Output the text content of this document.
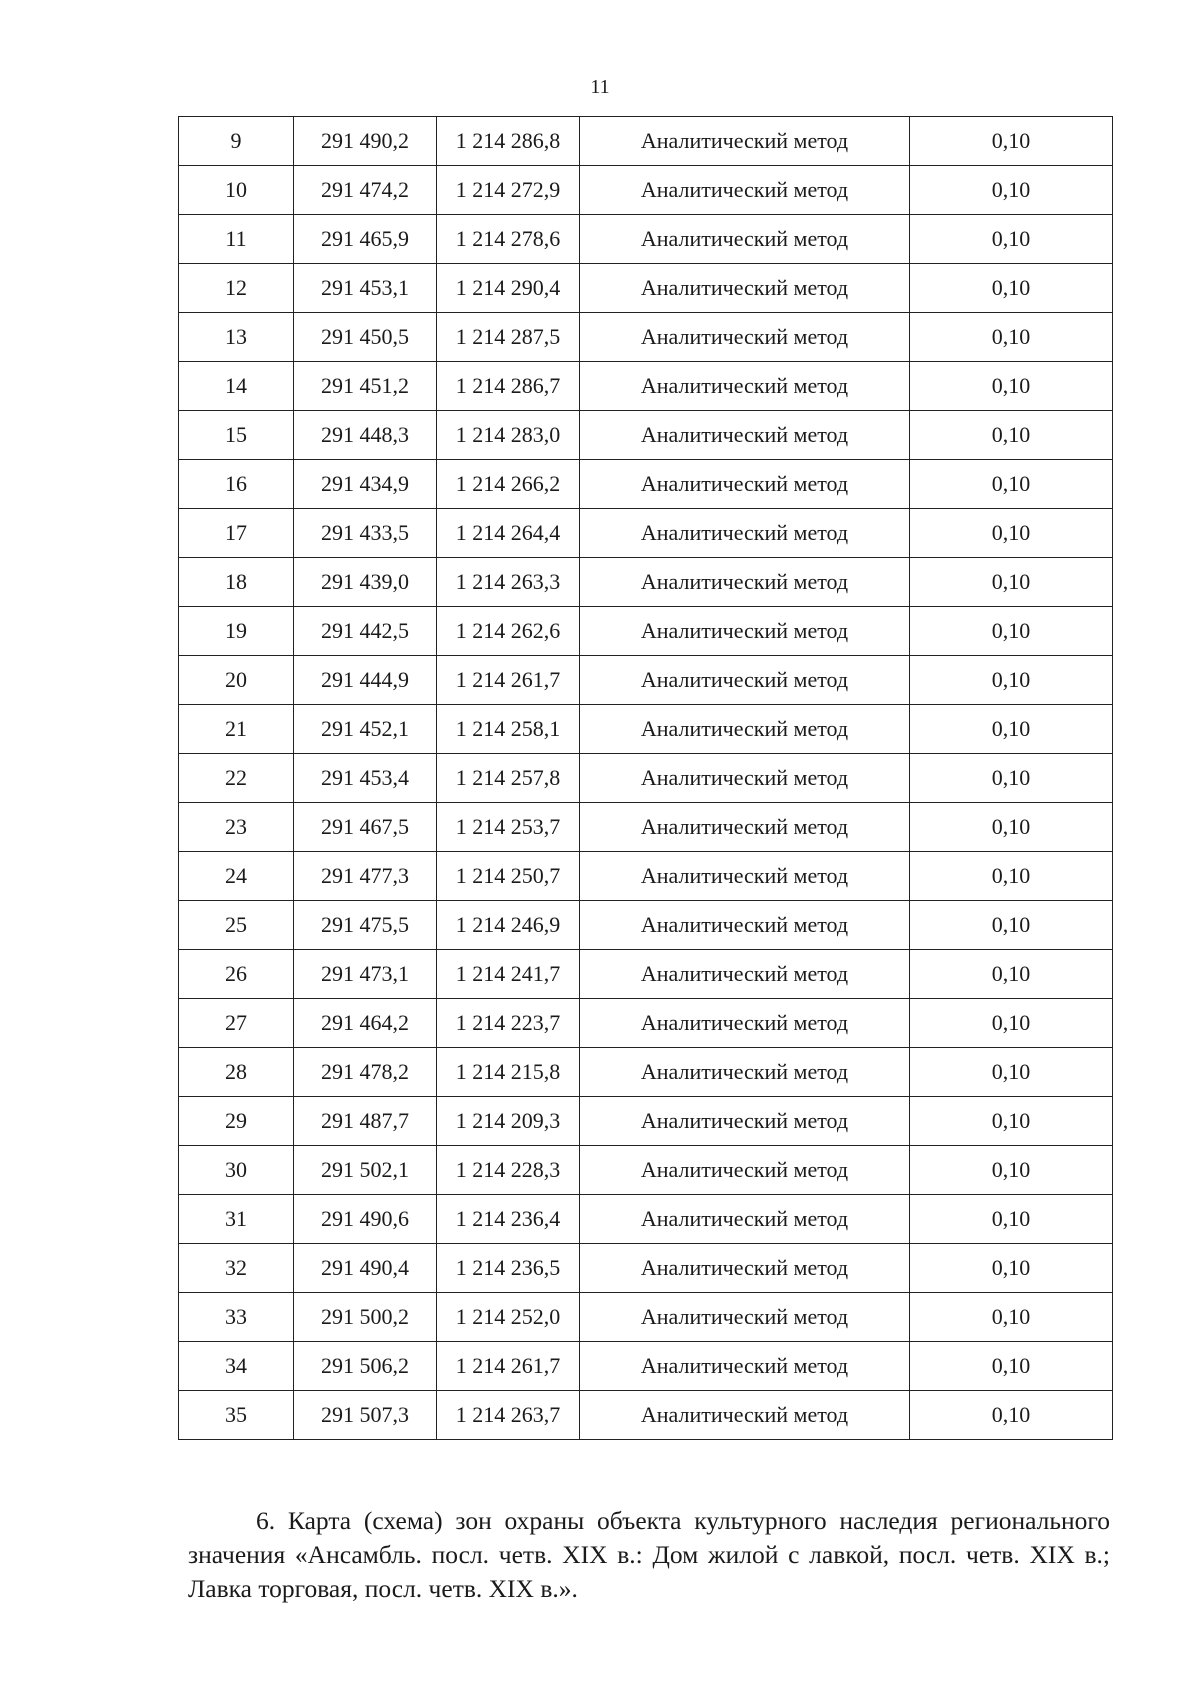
11
9	291 490,2	1 214 286,8	Аналитический метод	0,10
10	291 474,2	1 214 272,9	Аналитический метод	0,10
11	291 465,9	1 214 278,6	Аналитический метод	0,10
12	291 453,1	1 214 290,4	Аналитический метод	0,10
13	291 450,5	1 214 287,5	Аналитический метод	0,10
14	291 451,2	1 214 286,7	Аналитический метод	0,10
15	291 448,3	1 214 283,0	Аналитический метод	0,10
16	291 434,9	1 214 266,2	Аналитический метод	0,10
17	291 433,5	1 214 264,4	Аналитический метод	0,10
18	291 439,0	1 214 263,3	Аналитический метод	0,10
19	291 442,5	1 214 262,6	Аналитический метод	0,10
20	291 444,9	1 214 261,7	Аналитический метод	0,10
21	291 452,1	1 214 258,1	Аналитический метод	0,10
22	291 453,4	1 214 257,8	Аналитический метод	0,10
23	291 467,5	1 214 253,7	Аналитический метод	0,10
24	291 477,3	1 214 250,7	Аналитический метод	0,10
25	291 475,5	1 214 246,9	Аналитический метод	0,10
26	291 473,1	1 214 241,7	Аналитический метод	0,10
27	291 464,2	1 214 223,7	Аналитический метод	0,10
28	291 478,2	1 214 215,8	Аналитический метод	0,10
29	291 487,7	1 214 209,3	Аналитический метод	0,10
30	291 502,1	1 214 228,3	Аналитический метод	0,10
31	291 490,6	1 214 236,4	Аналитический метод	0,10
32	291 490,4	1 214 236,5	Аналитический метод	0,10
33	291 500,2	1 214 252,0	Аналитический метод	0,10
34	291 506,2	1 214 261,7	Аналитический метод	0,10
35	291 507,3	1 214 263,7	Аналитический метод	0,10

6. Карта (схема) зон охраны объекта культурного наследия регионального значения «Ансамбль. посл. четв. XIX в.: Дом жилой с лавкой, посл. четв. XIX в.; Лавка торговая, посл. четв. XIX в.».
